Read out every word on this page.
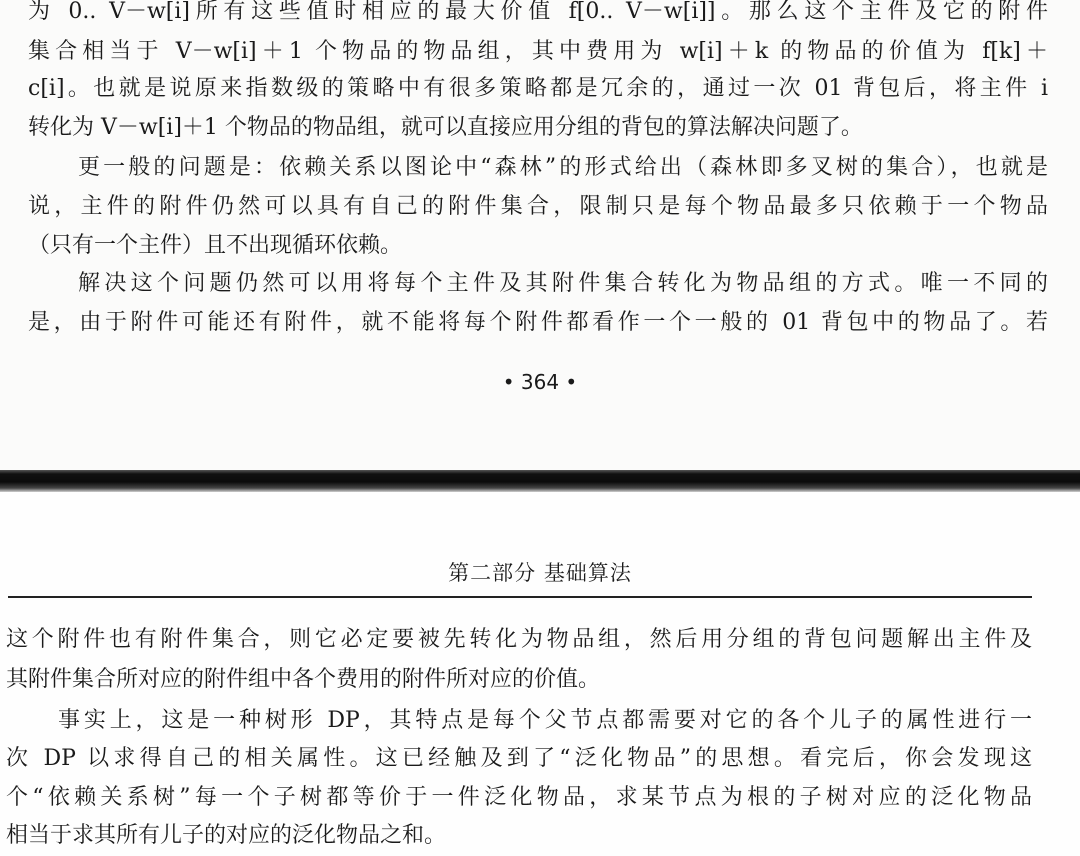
为 0.. V－w[i]所有这些值时相应的最大价值 f[0.. V－w[i]]。那么这个主件及它的附件
集合相当于 V－w[i]＋1 个物品的物品组，其中费用为 w[i]＋k 的物品的价值为 f[k]＋
c[i]。也就是说原来指数级的策略中有很多策略都是冗余的，通过一次 01 背包后，将主件 i
转化为 V－w[i]＋1 个物品的物品组，就可以直接应用分组的背包的算法解决问题了。
更一般的问题是：依赖关系以图论中“森林”的形式给出（森林即多叉树的集合），也就是
说，主件的附件仍然可以具有自己的附件集合，限制只是每个物品最多只依赖于一个物品
（只有一个主件）且不出现循环依赖。
解决这个问题仍然可以用将每个主件及其附件集合转化为物品组的方式。唯一不同的
是，由于附件可能还有附件，就不能将每个附件都看作一个一般的 01 背包中的物品了。若
• 364 •
第二部分 基础算法
这个附件也有附件集合，则它必定要被先转化为物品组，然后用分组的背包问题解出主件及
其附件集合所对应的附件组中各个费用的附件所对应的价值。
事实上，这是一种树形 DP，其特点是每个父节点都需要对它的各个儿子的属性进行一
次 DP 以求得自己的相关属性。这已经触及到了“泛化物品”的思想。看完后，你会发现这
个“依赖关系树”每一个子树都等价于一件泛化物品，求某节点为根的子树对应的泛化物品
相当于求其所有儿子的对应的泛化物品之和。
